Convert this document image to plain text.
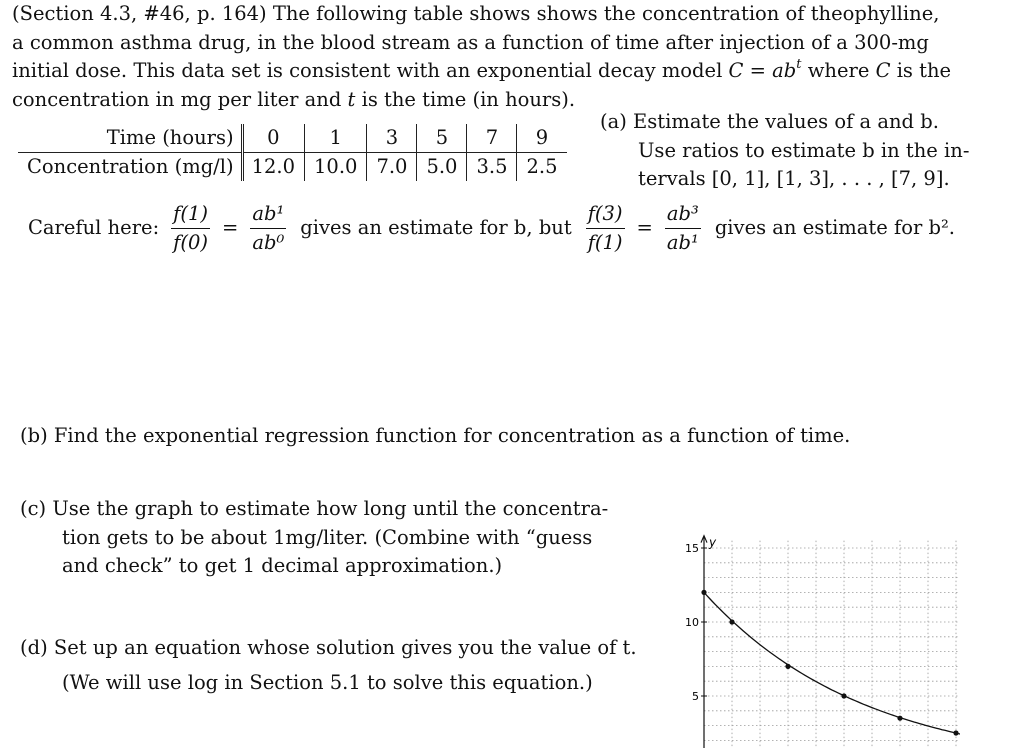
(Section 4.3, #46, p. 164) The following table shows shows the concentration of theophylline,
a common asthma drug, in the blood stream as a function of time after injection of a 300-mg
initial dose. This data set is consistent with an exponential decay model $C = ab^t$ where C is the
concentration in mg per liter and t is the time (in hours).
Time (hours)	0	1	3	5	7	9
Concentration (mg/l)	12.0	10.0	7.0	5.0	3.5	2.5
(a) Estimate the values of a and b.
Use ratios to estimate b in the in-
tervals [0, 1], [1, 3], . . . , [7, 9].
Careful here: $\frac{f(1)}{f(0)} = \frac{\text{ab¹}}{\text{ab⁰}}$ gives an estimate for b, but $\frac{f(3)}{f(1)} = \frac{\text{ab³}}{\text{ab¹}}$ gives an estimate for b².
(b) Find the exponential regression function for concentration as a function of time.
(c) Use the graph to estimate how long until the concentra-
tion gets to be about 1mg/liter. (Combine with “guess
and check” to get 1 decimal approximation.)
(d) Set up an equation whose solution gives you the value of t.
(We will use log in Section 5.1 to solve this equation.)
y
5
10
15
